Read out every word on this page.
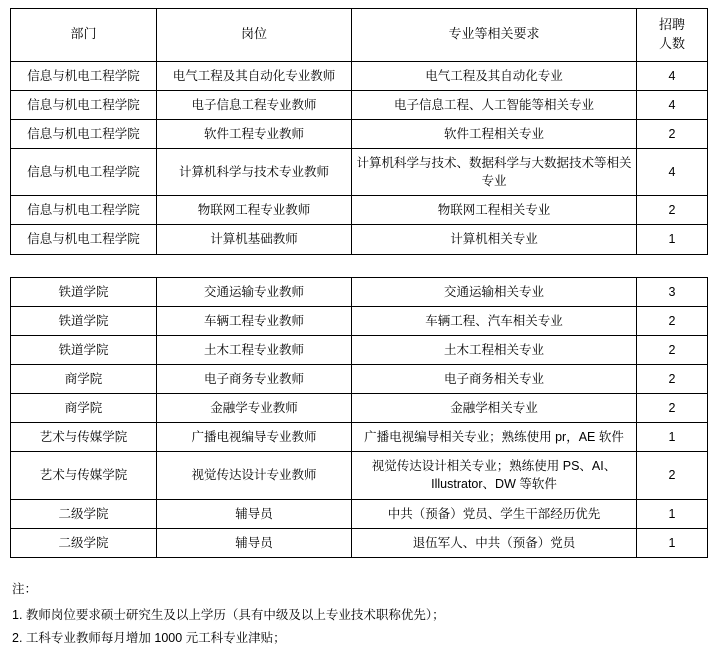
部门	岗位	专业等相关要求	招聘
人数

信息与机电工程学院	电气工程及其自动化专业教师	电气工程及其自动化专业	4
信息与机电工程学院	电子信息工程专业教师	电子信息工程、人工智能等相关专业	4
信息与机电工程学院	软件工程专业教师	软件工程相关专业	2
信息与机电工程学院	计算机科学与技术专业教师	计算机科学与技术、数据科学与大数据技术等相关专业	4
信息与机电工程学院	物联网工程专业教师	物联网工程相关专业	2
信息与机电工程学院	计算机基础教师	计算机相关专业	1
铁道学院	交通运输专业教师	交通运输相关专业	3
铁道学院	车辆工程专业教师	车辆工程、汽车相关专业	2
铁道学院	土木工程专业教师	土木工程相关专业	2
商学院	电子商务专业教师	电子商务相关专业	2
商学院	金融学专业教师	金融学相关专业	2
艺术与传媒学院	广播电视编导专业教师	广播电视编导相关专业；熟练使用 pr，AE 软件	1
艺术与传媒学院	视觉传达设计专业教师	视觉传达设计相关专业；熟练使用 PS、AI、Illustrator、DW 等软件	2
二级学院	辅导员	中共（预备）党员、学生干部经历优先	1
二级学院	辅导员	退伍军人、中共（预备）党员	1
注：
1. 教师岗位要求硕士研究生及以上学历（具有中级及以上专业技术职称优先）；
2. 工科专业教师每月增加 1000 元工科专业津贴；
